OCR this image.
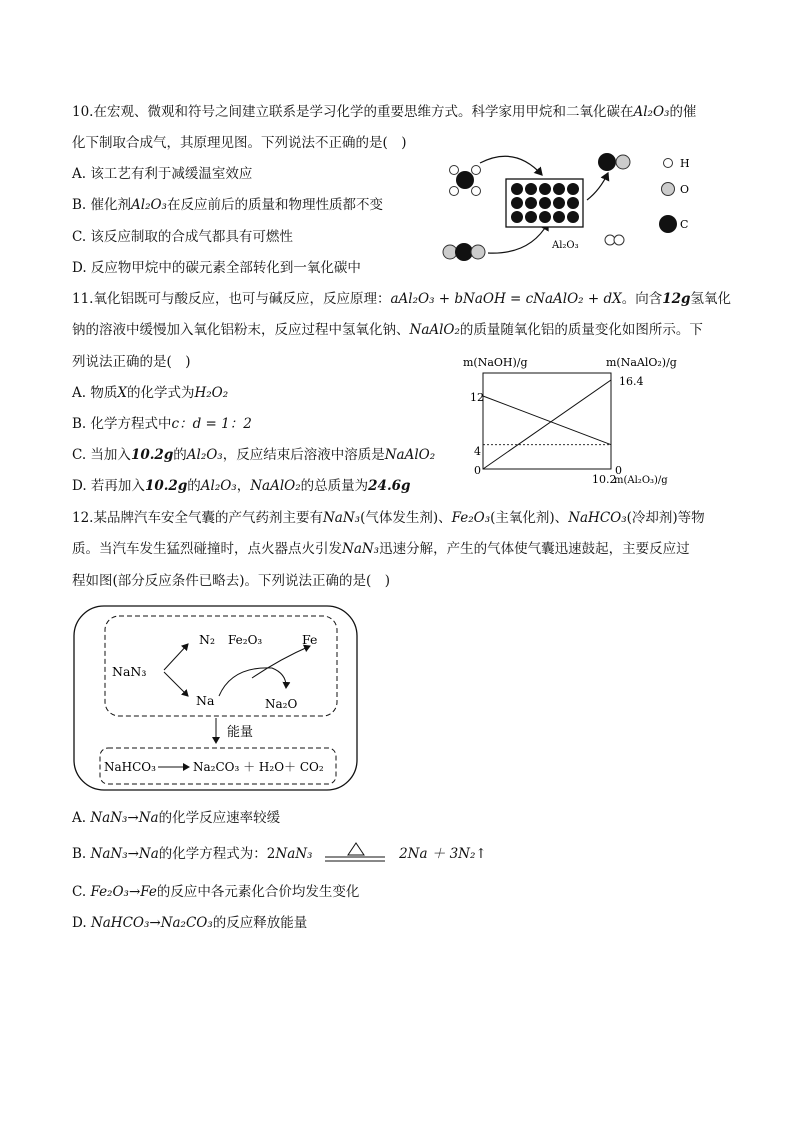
10.在宏观、微观和符号之间建立联系是学习化学的重要思维方式。科学家用甲烷和二氧化碳在Al₂O₃的催
化下制取合成气，其原理见图。下列说法不正确的是(　)
A. 该工艺有利于减缓温室效应
B. 催化剂Al₂O₃在反应前后的质量和物理性质都不变
C. 该反应制取的合成气都具有可燃性
D. 反应物甲烷中的碳元素全部转化到一氧化碳中
Al₂O₃
H
O
C
11.氧化铝既可与酸反应，也可与碱反应，反应原理：aAl₂O₃ + bNaOH = cNaAlO₂ + dX。向含12g氢氧化
钠的溶液中缓慢加入氧化铝粉末，反应过程中氢氧化钠、NaAlO₂的质量随氧化铝的质量变化如图所示。下
列说法正确的是(　)
A. 物质X的化学式为H₂O₂
B. 化学方程式中c：d = 1：2
C. 当加入10.2g的Al₂O₃，反应结束后溶液中溶质是NaAlO₂
D. 若再加入10.2g的Al₂O₃，NaAlO₂的总质量为24.6g
m(NaOH)/g	m(NaAlO₂)/g
m(Al₂O₃)/g
12
4
0
16.4
0
10.2
12.某品牌汽车安全气囊的产气药剂主要有NaN₃(气体发生剂)、Fe₂O₃(主氧化剂)、NaHCO₃(冷却剂)等物
质。当汽车发生猛烈碰撞时，点火器点火引发NaN₃迅速分解，产生的气体使气囊迅速鼓起，主要反应过
程如图(部分反应条件已略去)。下列说法正确的是(　)
NaN₃
N₂
Na
Fe₂O₃	Fe
Na₂O
能量
NaHCO₃	Na₂CO₃ ＋ H₂O＋ CO₂
A. NaN₃→Na的化学反应速率较缓
B. NaN₃→Na的化学方程式为：2NaN₃	2Na ＋ 3N₂↑
C. Fe₂O₃→Fe的反应中各元素化合价均发生变化
D. NaHCO₃→Na₂CO₃的反应释放能量
